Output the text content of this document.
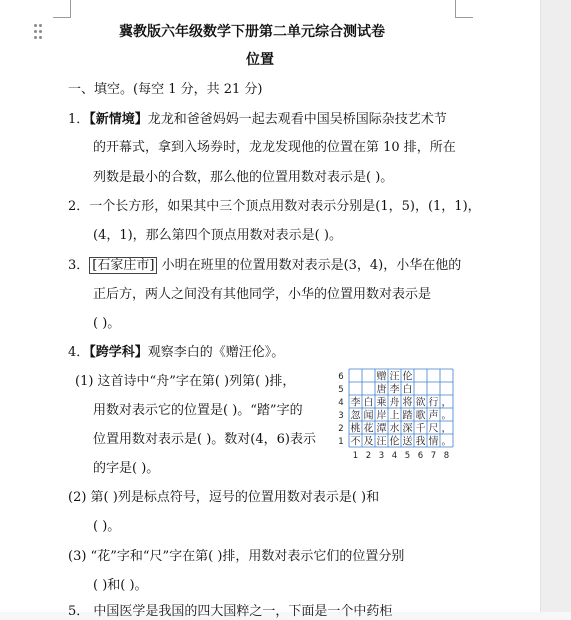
冀教版六年级数学下册第二单元综合测试卷
位置
一、填空。(每空 1 分，共 21 分)
1．【新情境】龙龙和爸爸妈妈一起去观看中国吴桥国际杂技艺术节
的开幕式，拿到入场券时，龙龙发现他的位置在第 10 排，所在
列数是最小的合数，那么他的位置用数对表示是( )。
2．一个长方形，如果其中三个顶点用数对表示分别是(1，5)，(1，1)，
(4，1)，那么第四个顶点用数对表示是( )。
3． [石家庄市] 小明在班里的位置用数对表示是(3，4)，小华在他的
正后方，两人之间没有其他同学，小华的位置用数对表示是
( )。
4．【跨学科】观察李白的《赠汪伦》。
(1) 这首诗中“舟”字在第( )列第( )排，
用数对表示它的位置是( )。“踏”字的
位置用数对表示是( )。数对(4，6)表示
的字是( )。
(2) 第( )列是标点符号，逗号的位置用数对表示是( )和
( )。
(3) “花”字和“尺”字在第( )排，用数对表示它们的位置分别
( )和( )。
5． 中国医学是我国的四大国粹之一，下面是一个中药柜
赠 汪 伦
唐 李 白
李 白 乘 舟 将 欲 行 ，
忽 闻 岸 上 踏 歌 声 。
桃 花 潭 水 深 千 尺 ，
不 及 汪 伦 送 我 情 。
6
5
4
3
2
1
1 2 3 4 5 6 7 8
